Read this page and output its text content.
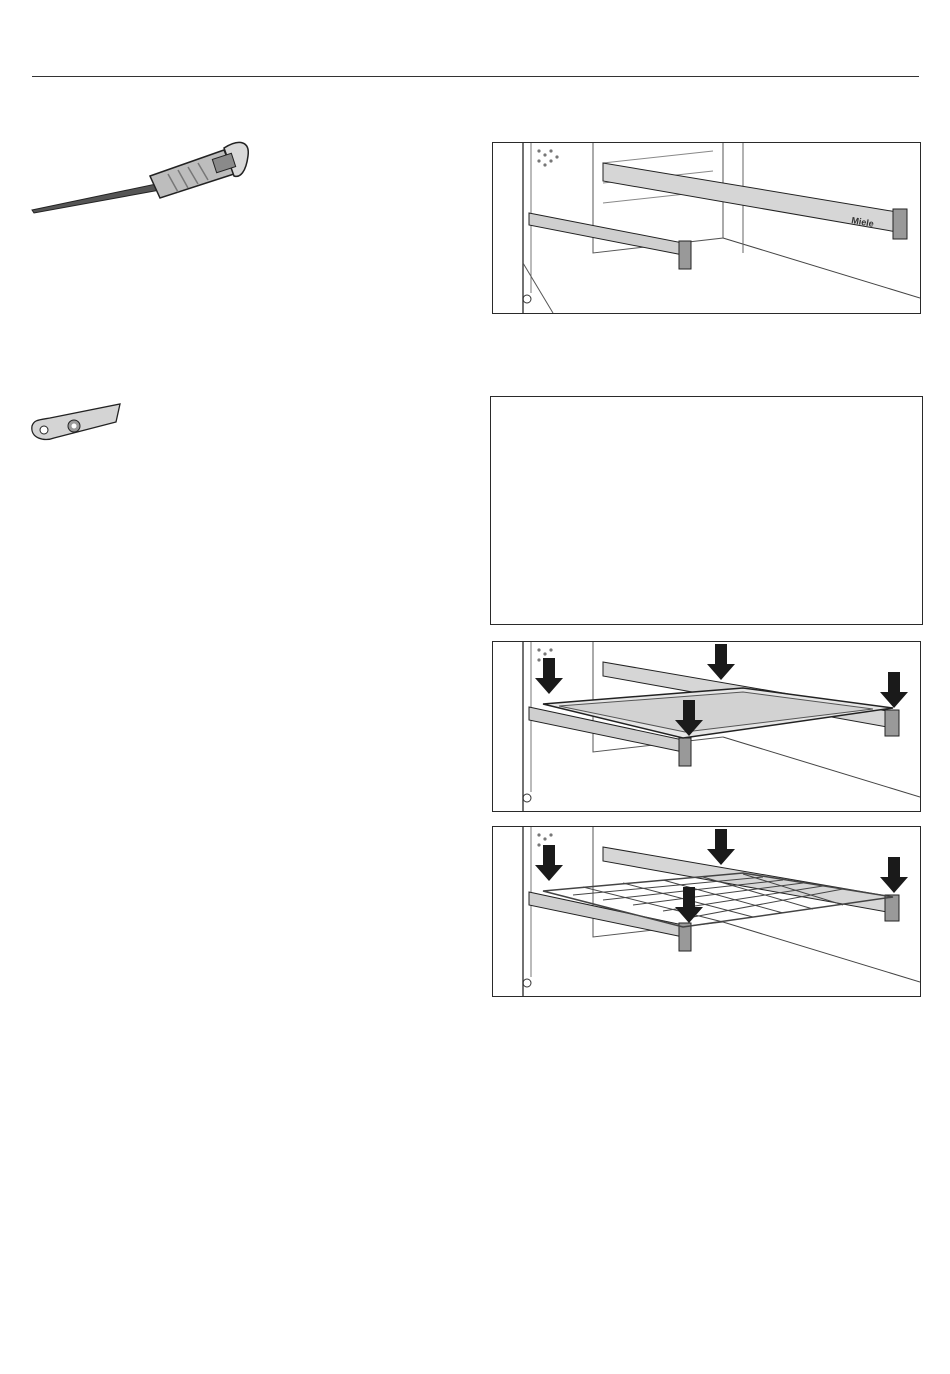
Miele
